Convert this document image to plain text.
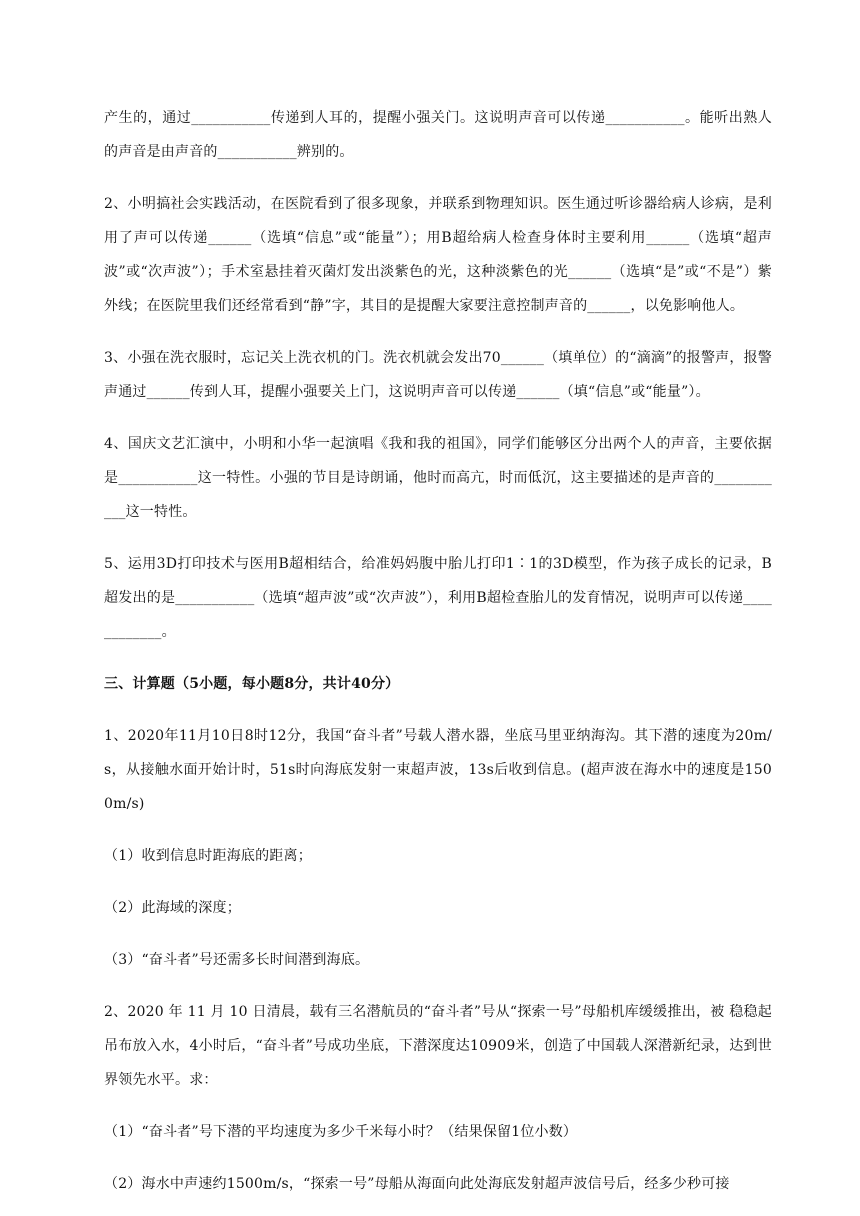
产生的，通过___________传递到人耳的，提醒小强关门。这说明声音可以传递___________。能听出熟人的声音是由声音的___________辨别的。

2、小明搞社会实践活动，在医院看到了很多现象，并联系到物理知识。医生通过听诊器给病人诊病，是利用了声可以传递______（选填“信息”或“能量”）；用B超给病人检查身体时主要利用______（选填“超声波”或“次声波”）；手术室悬挂着灭菌灯发出淡紫色的光，这种淡紫色的光______（选填“是”或“不是”）紫外线；在医院里我们还经常看到“静”字，其目的是提醒大家要注意控制声音的______，以免影响他人。

3、小强在洗衣服时，忘记关上洗衣机的门。洗衣机就会发出70______（填单位）的“滴滴”的报警声，报警声通过______传到人耳，提醒小强要关上门，这说明声音可以传递______（填“信息”或“能量”）。

4、国庆文艺汇演中，小明和小华一起演唱《我和我的祖国》，同学们能够区分出两个人的声音，主要依据是___________这一特性。小强的节目是诗朗诵，他时而高亢，时而低沉，这主要描述的是声音的___________这一特性。

5、运用3D打印技术与医用B超相结合，给准妈妈腹中胎儿打印1∶1的3D模型，作为孩子成长的记录，B超发出的是___________（选填“超声波”或“次声波”），利用B超检查胎儿的发育情况，说明声可以传递____________。

三、计算题（5小题，每小题8分，共计40分）

1、2020年11月10日8时12分，我国“奋斗者”号载人潜水器，坐底马里亚纳海沟。其下潜的速度为20m/s，从接触水面开始计时，51s时向海底发射一束超声波，13s后收到信息。(超声波在海水中的速度是1500m/s)

（1）收到信息时距海底的距离；

（2）此海域的深度；

（3）“奋斗者”号还需多长时间潜到海底。

2、2020 年 11 月 10 日清晨，载有三名潜航员的“奋斗者”号从“探索一号”母船机库缓缓推出，被 稳稳起吊布放入水，4小时后，“奋斗者”号成功坐底，下潜深度达10909米，创造了中国载人深潜新纪录，达到世界领先水平。求：

（1）“奋斗者”号下潜的平均速度为多少千米每小时？（结果保留1位小数）

（2）海水中声速约1500m/s，“探索一号”母船从海面向此处海底发射超声波信号后，经多少秒可接
